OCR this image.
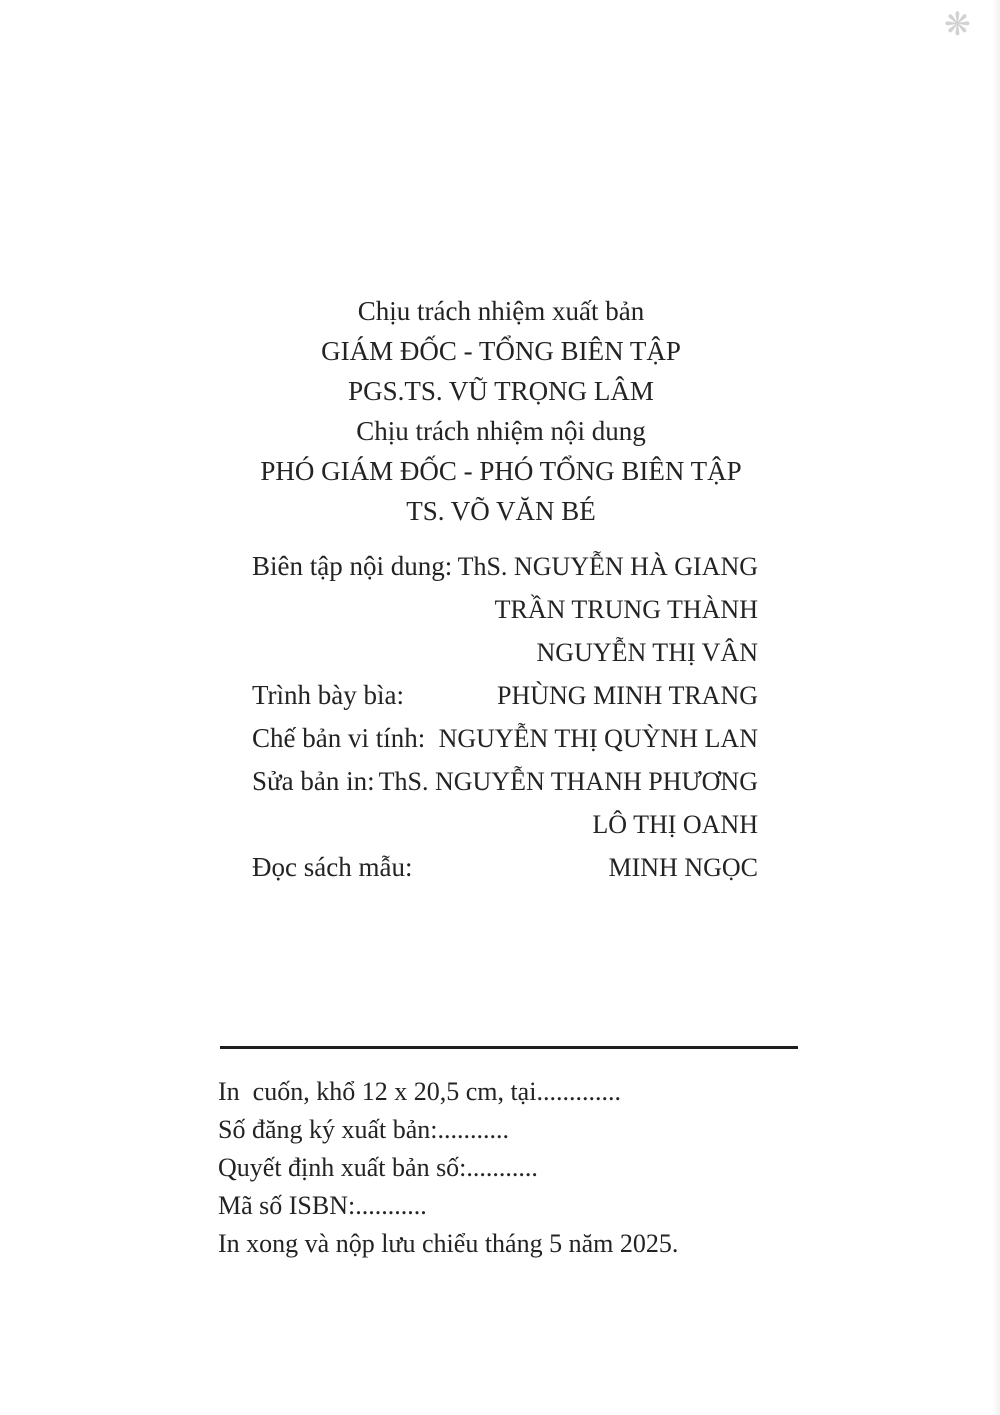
❋
Chịu trách nhiệm xuất bản
GIÁM ĐỐC - TỔNG BIÊN TẬP
PGS.TS. VŨ TRỌNG LÂM
Chịu trách nhiệm nội dung
PHÓ GIÁM ĐỐC - PHÓ TỔNG BIÊN TẬP
TS. VÕ VĂN BÉ
Biên tập nội dung: ThS. NGUYỄN HÀ GIANG
TRẦN TRUNG THÀNH
NGUYỄN THỊ VÂN
Trình bày bìa:	PHÙNG MINH TRANG
Chế bản vi tính: NGUYỄN THỊ QUỲNH LAN
Sửa bản in: ThS. NGUYỄN THANH PHƯƠNG
LÔ THỊ OANH
Đọc sách mẫu:	MINH NGỌC
In  cuốn, khổ 12 x 20,5 cm, tại.............
Số đăng ký xuất bản:...........
Quyết định xuất bản số:...........
Mã số ISBN:...........
In xong và nộp lưu chiểu tháng 5 năm 2025.
